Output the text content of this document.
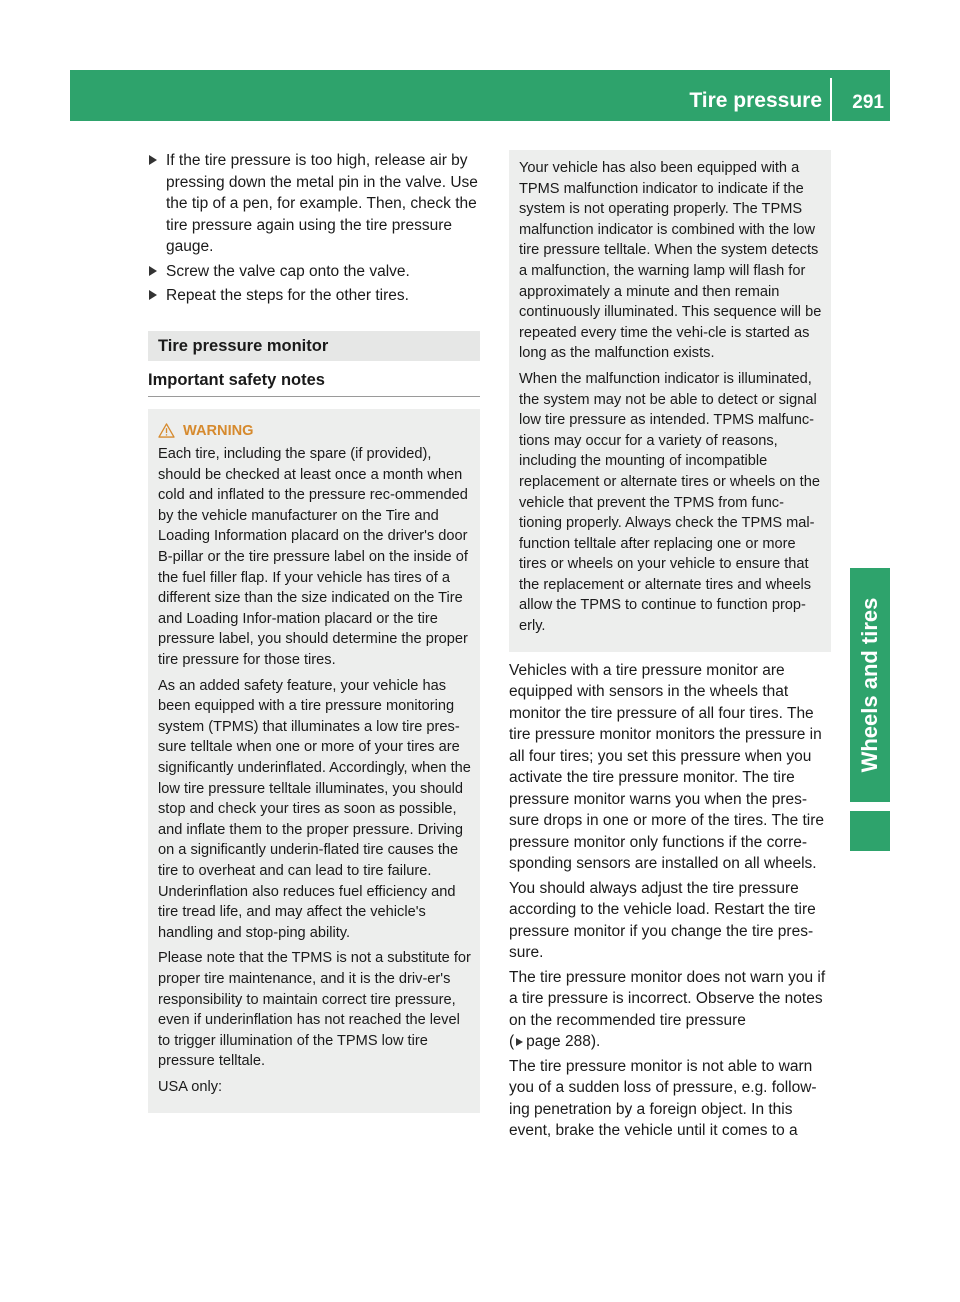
Tire pressure 291
Wheels and tires
If the tire pressure is too high, release air by pressing down the metal pin in the valve. Use the tip of a pen, for example. Then, check the tire pressure again using the tire pressure gauge.
Screw the valve cap onto the valve.
Repeat the steps for the other tires.
Tire pressure monitor
Important safety notes
WARNING

Each tire, including the spare (if provided), should be checked at least once a month when cold and inflated to the pressure rec-ommended by the vehicle manufacturer on the Tire and Loading Information placard on the driver's door B-pillar or the tire pressure label on the inside of the fuel filler flap. If your vehicle has tires of a different size than the size indicated on the Tire and Loading Infor-mation placard or the tire pressure label, you should determine the proper tire pressure for those tires.

As an added safety feature, your vehicle has been equipped with a tire pressure monitoring system (TPMS) that illuminates a low tire pres-sure telltale when one or more of your tires are significantly underinflated. Accordingly, when the low tire pressure telltale illuminates, you should stop and check your tires as soon as possible, and inflate them to the proper pressure. Driving on a significantly underin-flated tire causes the tire to overheat and can lead to tire failure. Underinflation also reduces fuel efficiency and tire tread life, and may affect the vehicle's handling and stop-ping ability.

Please note that the TPMS is not a substitute for proper tire maintenance, and it is the driv-er's responsibility to maintain correct tire pressure, even if underinflation has not reached the level to trigger illumination of the TPMS low tire pressure telltale.

USA only:

Your vehicle has also been equipped with a TPMS malfunction indicator to indicate if the system is not operating properly. The TPMS malfunction indicator is combined with the low tire pressure telltale. When the system detects a malfunction, the warning lamp will flash for approximately a minute and then remain continuously illuminated. This sequence will be repeated every time the vehi-cle is started as long as the malfunction exists.

When the malfunction indicator is illuminated, the system may not be able to detect or signal low tire pressure as intended. TPMS malfunc-tions may occur for a variety of reasons, including the mounting of incompatible replacement or alternate tires or wheels on the vehicle that prevent the TPMS from func-tioning properly. Always check the TPMS mal-function telltale after replacing one or more tires or wheels on your vehicle to ensure that the replacement or alternate tires and wheels allow the TPMS to continue to function prop-erly.

Vehicles with a tire pressure monitor are equipped with sensors in the wheels that monitor the tire pressure of all four tires. The tire pressure monitor monitors the pressure in all four tires; you set this pressure when you activate the tire pressure monitor. The tire pressure monitor warns you when the pres-sure drops in one or more of the tires. The tire pressure monitor only functions if the corre-sponding sensors are installed on all wheels.

You should always adjust the tire pressure according to the vehicle load. Restart the tire pressure monitor if you change the tire pres-sure.

The tire pressure monitor does not warn you if a tire pressure is incorrect. Observe the notes on the recommended tire pressure
( page 288).

The tire pressure monitor is not able to warn you of a sudden loss of pressure, e.g. follow-ing penetration by a foreign object. In this event, brake the vehicle until it comes to a
